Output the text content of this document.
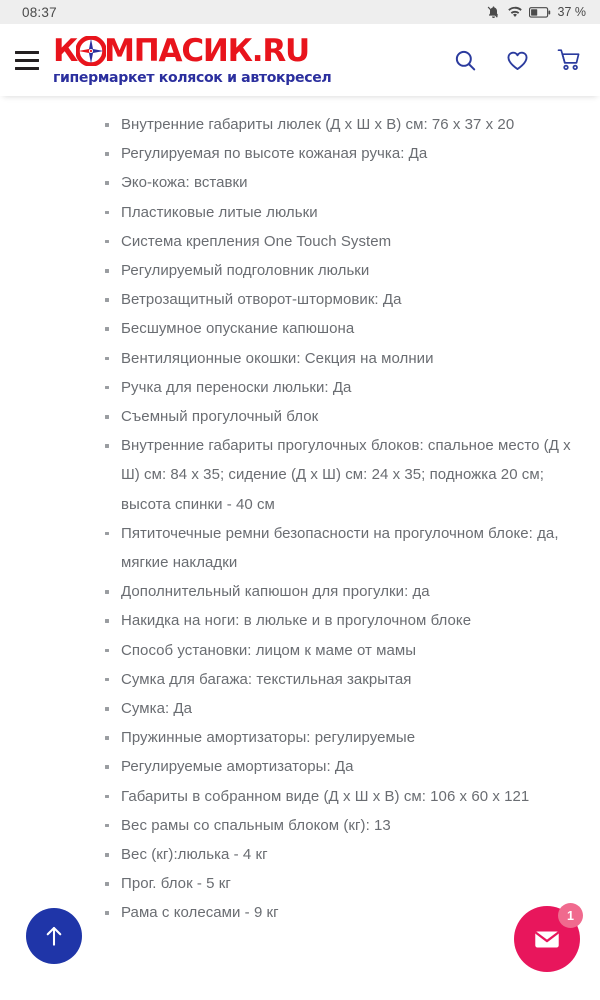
08:37	37 %
К МПАСИК .RU
гипермаркет колясок и автокресел
Внутренние габариты люлек (Д х Ш х В) см: 76 х 37 х 20
Регулируемая по высоте кожаная ручка: Да
Эко-кожа: вставки
Пластиковые литые люльки
Система крепления One Touch System
Регулируемый подголовник люльки
Ветрозащитный отворот-штормовик: Да
Бесшумное опускание капюшона
Вентиляционные окошки: Секция на молнии
Ручка для переноски люльки: Да
Съемный прогулочный блок
Внутренние габариты прогулочных блоков: спальное место (Д х Ш) см: 84 х 35; сидение (Д х Ш) см: 24 х 35; подножка 20 см; высота спинки - 40 см
Пятиточечные ремни безопасности на прогулочном блоке: да, мягкие накладки
Дополнительный капюшон для прогулки: да
Накидка на ноги: в люльке и в прогулочном блоке
Способ установки: лицом к маме от мамы
Сумка для багажа: текстильная закрытая
Сумка: Да
Пружинные амортизаторы: регулируемые
Регулируемые амортизаторы: Да
Габариты в собранном виде (Д х Ш х В) см: 106 х 60 х 121
Вес рамы со спальным блоком (кг): 13
Вес (кг):люлька - 4 кг
Прог. блок - 5 кг
Рама с колесами - 9 кг	1
